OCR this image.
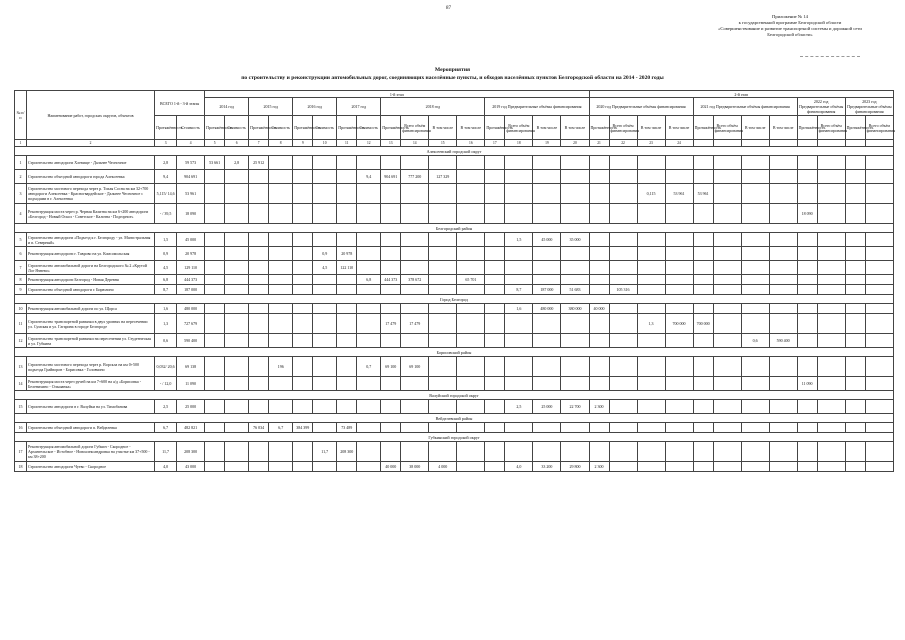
87
Приложение № 14
к государственной программе Белгородской области
«Совершенствование и развитие транспортной системы и дорожной сети
Белгородской области»
Мероприятия
по строительству и реконструкции автомобильных дорог, соединяющих населённые пункты, и обходов населённых пунктов Белгородской области на 2014 - 2020 годы
№ п/п	Наименование работ, городских округов, объектов	ВСЕГО 1-й - 3-й этапы		1-й этап																2-й этап											
				2014 год		2015 год		2016 год		2017 год		2018 год				2019 год Предварительные объёмы финансирования				2020 год Предварительные объёмы финансирования				2021 год Предварительные объёмы финансирования				2022 год Предварительные объёмы финансирования		2023 год Предварительные объёмы финансирования	
		Протяжённость	Стоимость	Протяжённость	Стоимость	Протяжённость	Стоимость	Протяжённость	Стоимость	Протяжённость	Стоимость	Протяжённость	Всего объём финансирования	В том числе	В том числе	Протяжённость	Всего объём финансирования	В том числе	В том числе	Протяжённость	Всего объём финансирования	В том числе	В том числе	Протяжённость	Всего объём финансирования	В том числе	В том числе	Протяжённость	Всего объём финансирования	Протяжённость	Всего объём финансирования
1	2	3	4	5	6	7	8	9	10	11	12	13	14	15	16	17	18	19	20	21	22	23	24								
Алексеевский городской округ																															
1	Строительство автодороги Хлевище - Дальнее Чесночное	2,8	59 573	53 661	2,8	25 912																									
2	Строительство объездной автодороги города Алексеевка	9,4	904 691								9,4	904 691	777 200	127 329																	
3	Строительство мостового перехода через р. Тихая Сосна на км 32+700 автодороги Алексеевка - Красногвардейское - Дальнее Чесночное с подходами в г. Алексеевка	5,115/ 14,6	53 961																			0,115	53 961	53 961							
4	Реконструкция моста через р. Черная Калитва на км 6+200 автодороги «Белгород - Новый Оскол - Советское - Калитва - Подгорное»	- / 39,5	18 090																									18 090			
Белгородский район																															
5	Строительство автодороги «Подъезд к г. Белгороду - ул. Магистральная и п. Северный»	1,5	45 000														1,5	45 000	35 000												
6	Реконструкция автодороги г. Таврово на ул. Комсомольская	0,9	20 978						0,9	20 978																					
7	Строительство автомобильной дороги на Белгородского № 2 «Крутой Лог Ячнево»	4,5	129 110						4,5	122 110																					
8	Реконструкция автодороги Белгород - Новая Деревня	6,8	444 373								6,8	444 373	378 672		65 701																
9	Строительство объездной автодороги г. Бирюлино	8,7	187 000														8,7	187 000	51 683		105 316										
Город Белгород																															
10	Реконструкция автомобильной дороги по ул. Щорса	1,6	480 000														1,6	480 000	380 000	40 000											
11	Строительство транспортной развязки в двух уровнях на пересечении ул. Сумская и ул. Гагарина в городе Белгороде	1,3	727 679									17 479	17 479									1,3	700 000	700 000							
12	Строительство транспортной развязки на пересечении ул. Студенческая и ул. Губкина	0,6	590 400																							0,6	590 400				
Борисовский район																															
13	Строительство мостового перехода через р. Ворскла на км 0+500 подъезда Грайворон - Борисовка - Головчино	0,032/ 20,6	69 138				196				0,7	69 100	69 100																		
14	Реконструкция моста через ручей на км 7+600 на а/д «Борисовка - Беленихино - Ольшанка»	- / 12,0	11 090																									11 090			
Валуйский городской округ																															
15	Строительство автодороги в г. Валуйки на ул. Тимобанова	2,5	25 000														2,5	25 000	22 700	2 300											
Вейделевский район																															
16	Строительство объездной автодороги п. Вейделевка	6,7	482 821			76 034	6,7	384 399		73 489																					
Губкинский городской округ																															
17	Реконструкция автомобильной дороги Губкин - Скородное - Архангельское - Истобное - Новоалександровка на участке км 37+500 - км 38+200	11,7	208 300						11,7	208 300																					
18	Строительство автодороги Чуево - Скородное	4,0	43 000									40 000	38 000	4 000			4,0	33 200	29 800	2 300											
